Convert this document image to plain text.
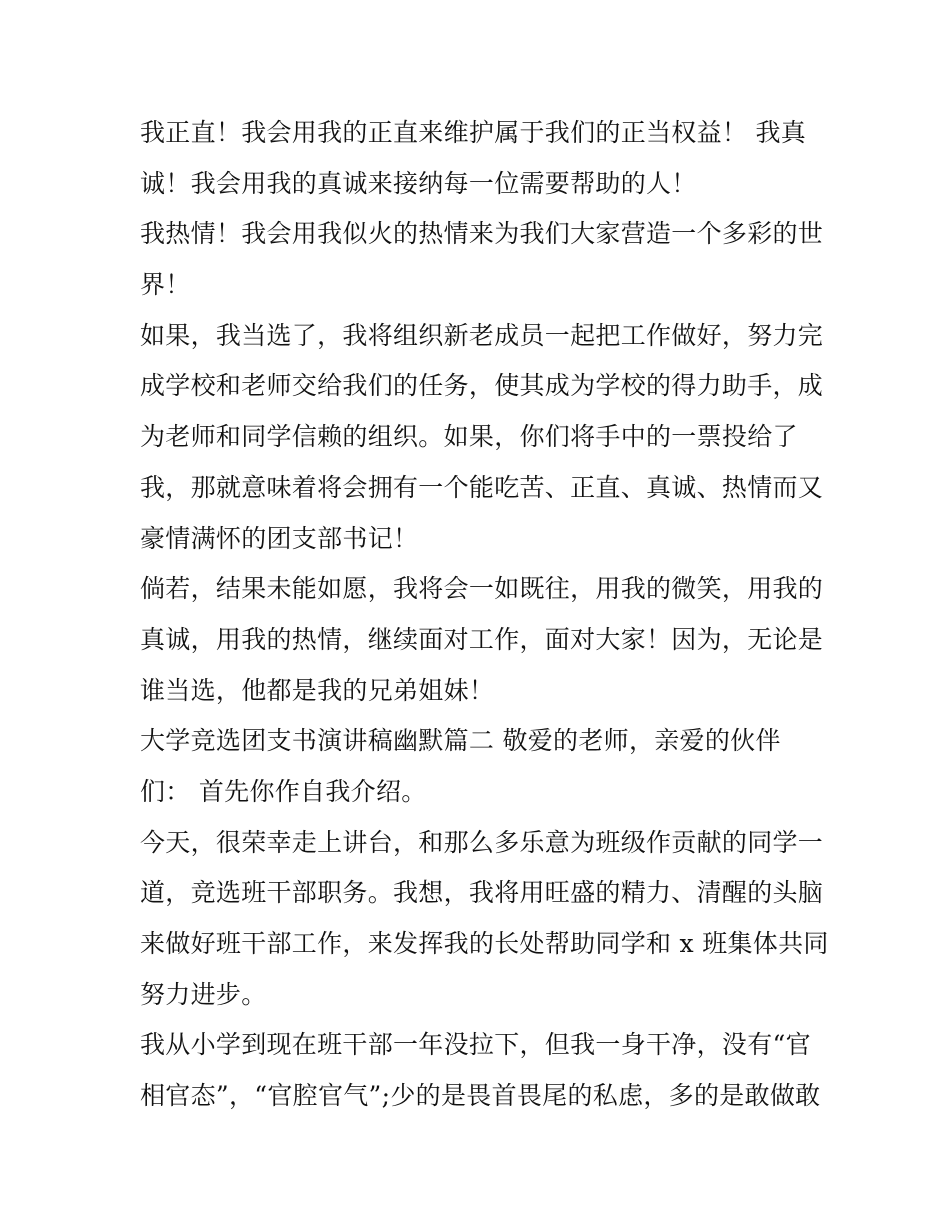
我正直！我会用我的正直来维护属于我们的正当权益！ 我真
诚！我会用我的真诚来接纳每一位需要帮助的人！
我热情！我会用我似火的热情来为我们大家营造一个多彩的世
界！
如果，我当选了，我将组织新老成员一起把工作做好，努力完
成学校和老师交给我们的任务，使其成为学校的得力助手，成
为老师和同学信赖的组织。如果，你们将手中的一票投给了
我，那就意味着将会拥有一个能吃苦、正直、真诚、热情而又
豪情满怀的团支部书记！
倘若，结果未能如愿，我将会一如既往，用我的微笑，用我的
真诚，用我的热情，继续面对工作，面对大家！因为，无论是
谁当选，他都是我的兄弟姐妹！
大学竞选团支书演讲稿幽默篇二 敬爱的老师，亲爱的伙伴
们： 首先你作自我介绍。
今天，很荣幸走上讲台，和那么多乐意为班级作贡献的同学一
道，竞选班干部职务。我想，我将用旺盛的精力、清醒的头脑
来做好班干部工作，来发挥我的长处帮助同学和 x 班集体共同
努力进步。
我从小学到现在班干部一年没拉下，但我一身干净，没有“官
相官态”，“官腔官气”;少的是畏首畏尾的私虑，多的是敢做敢
